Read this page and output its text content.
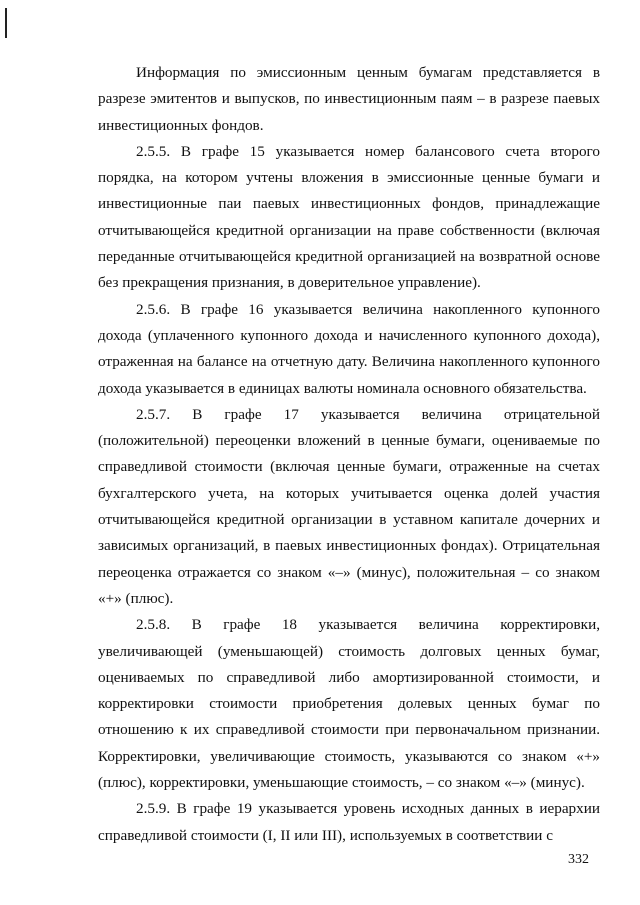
Информация по эмиссионным ценным бумагам представляется в разрезе эмитентов и выпусков, по инвестиционным паям – в разрезе паевых инвестиционных фондов.

2.5.5. В графе 15 указывается номер балансового счета второго порядка, на котором учтены вложения в эмиссионные ценные бумаги и инвестиционные паи паевых инвестиционных фондов, принадлежащие отчитывающейся кредитной организации на праве собственности (включая переданные отчитывающейся кредитной организацией на возвратной основе без прекращения признания, в доверительное управление).

2.5.6. В графе 16 указывается величина накопленного купонного дохода (уплаченного купонного дохода и начисленного купонного дохода), отраженная на балансе на отчетную дату. Величина накопленного купонного дохода указывается в единицах валюты номинала основного обязательства.

2.5.7. В графе 17 указывается величина отрицательной (положительной) переоценки вложений в ценные бумаги, оцениваемые по справедливой стоимости (включая ценные бумаги, отраженные на счетах бухгалтерского учета, на которых учитывается оценка долей участия отчитывающейся кредитной организации в уставном капитале дочерних и зависимых организаций, в паевых инвестиционных фондах). Отрицательная переоценка отражается со знаком «–» (минус), положительная – со знаком «+» (плюс).

2.5.8. В графе 18 указывается величина корректировки, увеличивающей (уменьшающей) стоимость долговых ценных бумаг, оцениваемых по справедливой либо амортизированной стоимости, и корректировки стоимости приобретения долевых ценных бумаг по отношению к их справедливой стоимости при первоначальном признании. Корректировки, увеличивающие стоимость, указываются со знаком «+» (плюс), корректировки, уменьшающие стоимость, – со знаком «–» (минус).

2.5.9. В графе 19 указывается уровень исходных данных в иерархии справедливой стоимости (I, II или III), используемых в соответствии с

332
